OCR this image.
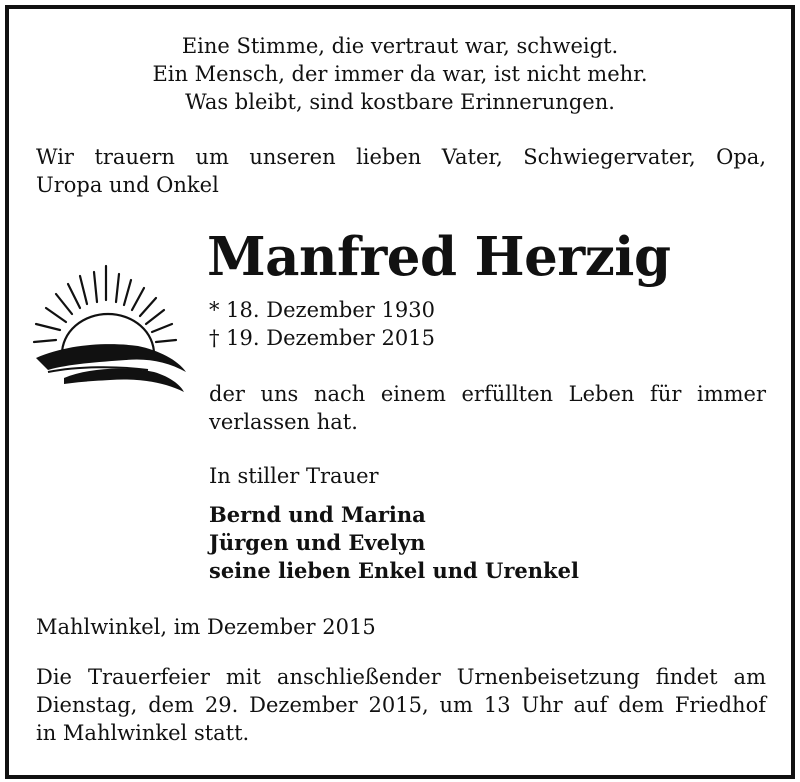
Eine Stimme, die vertraut war, schweigt.
Ein Mensch, der immer da war, ist nicht mehr.
Was bleibt, sind kostbare Erinnerungen.
Wir trauern um unseren lieben Vater, Schwiegervater, Opa,
Uropa und Onkel
Manfred Herzig
* 18. Dezember 1930
† 19. Dezember 2015
der uns nach einem erfüllten Leben für immer
verlassen hat.
In stiller Trauer
Bernd und Marina
Jürgen und Evelyn
seine lieben Enkel und Urenkel
Mahlwinkel, im Dezember 2015
Die Trauerfeier mit anschließender Urnenbeisetzung findet am
Dienstag, dem 29. Dezember 2015, um 13 Uhr auf dem Friedhof
in Mahlwinkel statt.
